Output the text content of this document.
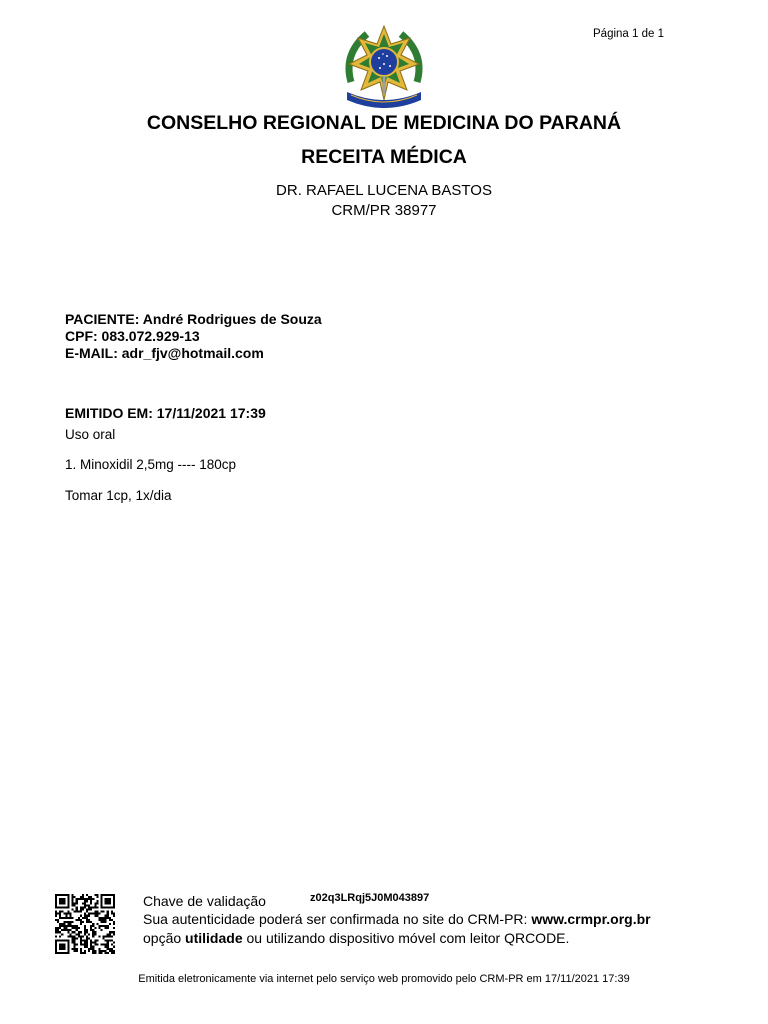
Página 1 de 1
CONSELHO REGIONAL DE MEDICINA DO PARANÁ
RECEITA MÉDICA
DR. RAFAEL LUCENA BASTOS
CRM/PR 38977
PACIENTE: André Rodrigues de Souza
CPF: 083.072.929-13
E-MAIL: adr_fjv@hotmail.com
EMITIDO EM: 17/11/2021 17:39
Uso oral
1. Minoxidil 2,5mg ---- 180cp
Tomar 1cp, 1x/dia
Chave de validação	z02q3LRqj5J0M043897
Sua autenticidade poderá ser confirmada no site do CRM-PR: www.crmpr.org.br
opção utilidade ou utilizando dispositivo móvel com leitor QRCODE.
Emitida eletronicamente via internet pelo serviço web promovido pelo CRM-PR em 17/11/2021 17:39
